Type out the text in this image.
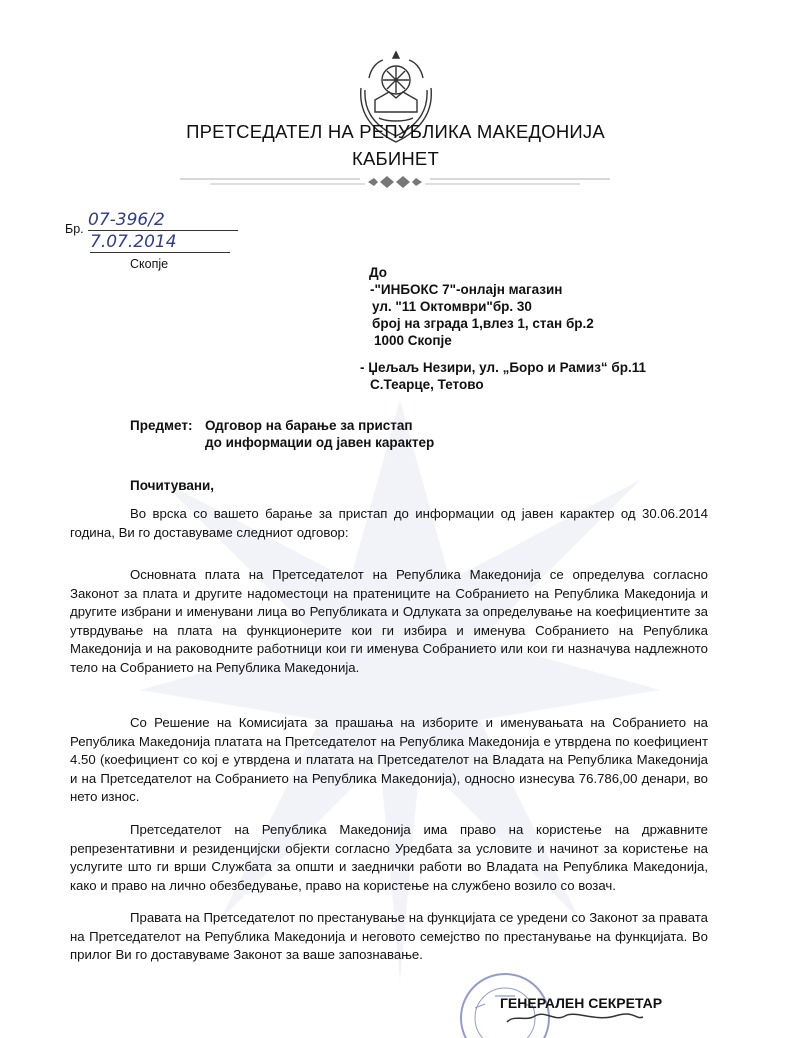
ПРЕТСЕДАТЕЛ НА РЕПУБЛИКА МАКЕДОНИЈА
КАБИНЕТ
Бр. 07-396/2
7.07.2014
Скопје
До
-"ИНБОКС 7"-онлајн магазин
ул. "11 Октомври"бр. 30
број на зграда 1,влез 1, стан бр.2
1000 Скопје
- Џељаљ Незири, ул. „Боро и Рамиз“ бр.11
С.Теарце, Тетово
Предмет: Одговор на барање за пристап
до информации од јавен карактер
Почитувани,
Во врска со вашето барање за пристап до информации од јавен карактер од 30.06.2014 година, Ви го доставуваме следниот одговор:
Основната плата на Претседателот на Република Македонија се определува согласно Законот за плата и другите надоместоци на пратениците на Собранието на Република Македонија и другите избрани и именувани лица во Републиката и Одлуката за определување на коефициентите за утврдување на плата на функционерите кои ги избира и именува Собранието на Република Македонија и на раководните работници кои ги именува Собранието или кои ги назначува надлежното тело на Собранието на Република Македонија.
Со Решение на Комисијата за прашања на изборите и именувањата на Собранието на Република Македонија платата на Претседателот на Република Македонија е утврдена по коефициент 4.50 (коефициент со кој е утврдена и платата на Претседателот на Владата на Република Македонија и на Претседателот на Собранието на Република Македонија), односно изнесува 76.786,00 денари, во нето износ.
Претседателот на Република Македонија има право на користење на државните репрезентативни и резиденцијски објекти согласно Уредбата за условите и начинот за користење на услугите што ги врши Службата за општи и заеднички работи во Владата на Република Македонија, како и право на лично обезбедување, право на користење на службено возило со возач.
Правата на Претседателот по престанување на функцијата се уредени со Законот за правата на Претседателот на Република Македонија и неговото семејство по престанување на функцијата. Во прилог Ви го доставуваме Законот за ваше запознавање.
ГЕНЕРАЛЕН СЕКРЕТАР
